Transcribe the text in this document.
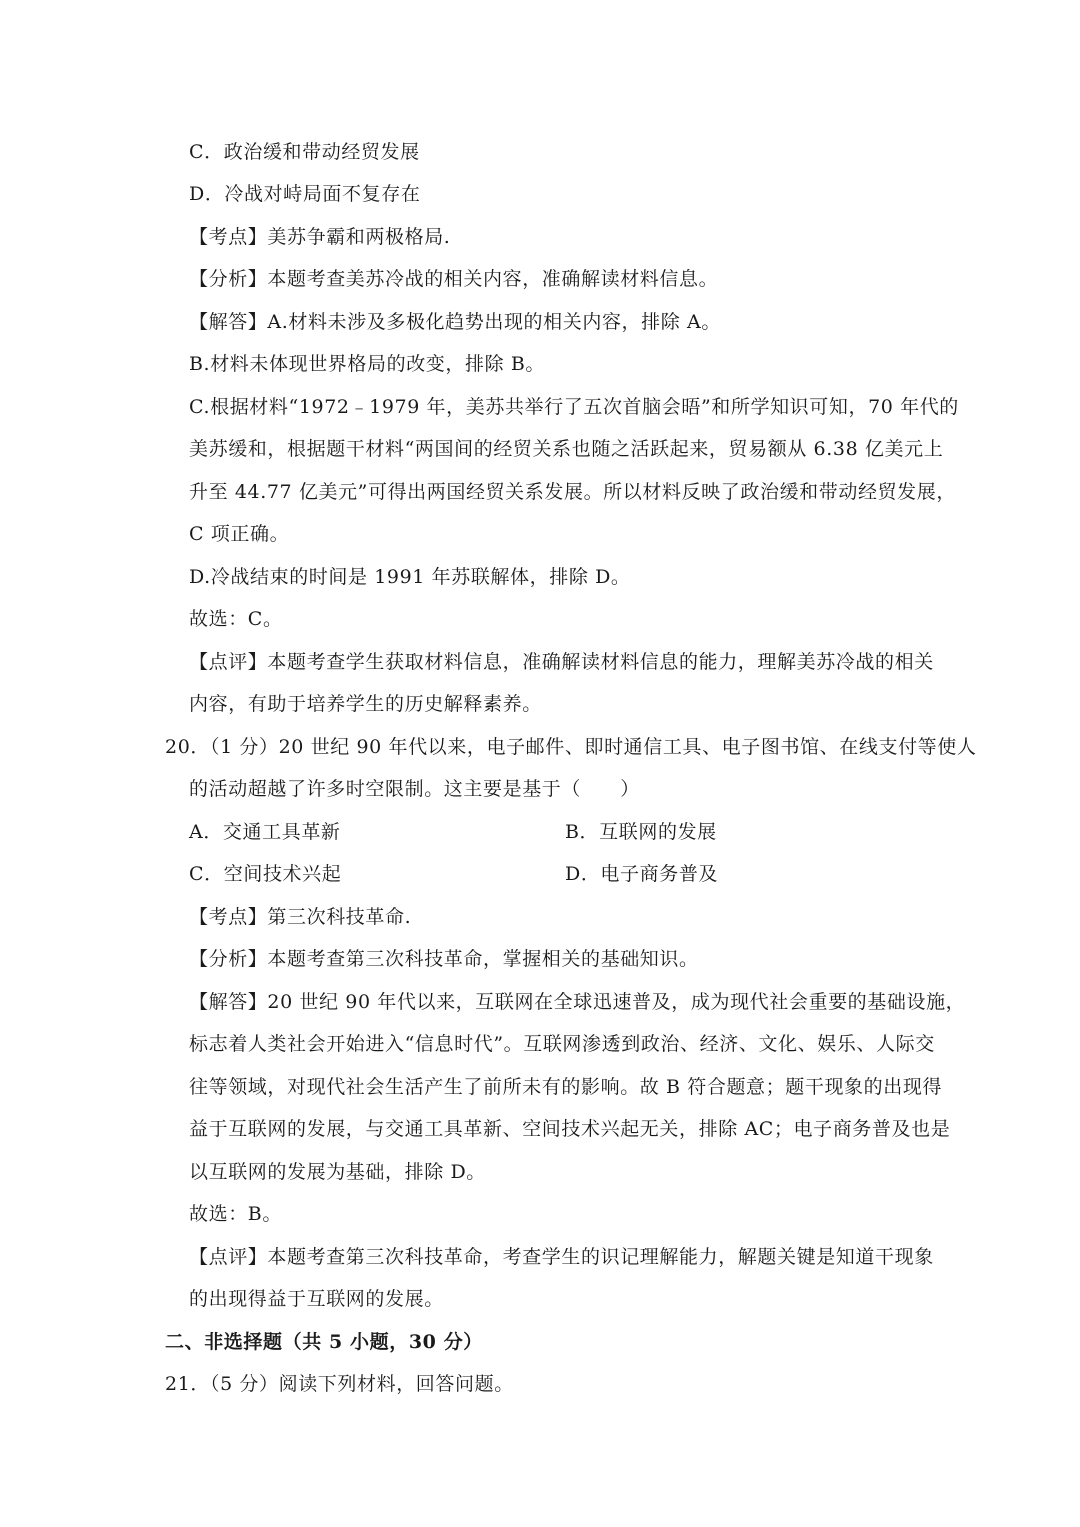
C．政治缓和带动经贸发展
D．冷战对峙局面不复存在
【考点】美苏争霸和两极格局.
【分析】本题考查美苏冷战的相关内容，准确解读材料信息。
【解答】A.材料未涉及多极化趋势出现的相关内容，排除 A。
B.材料未体现世界格局的改变，排除 B。
C.根据材料“1972﹣1979 年，美苏共举行了五次首脑会晤”和所学知识可知，70 年代的
美苏缓和，根据题干材料“两国间的经贸关系也随之活跃起来，贸易额从 6.38 亿美元上
升至 44.77 亿美元”可得出两国经贸关系发展。所以材料反映了政治缓和带动经贸发展，
C 项正确。
D.冷战结束的时间是 1991 年苏联解体，排除 D。
故选：C。
【点评】本题考查学生获取材料信息，准确解读材料信息的能力，理解美苏冷战的相关
内容，有助于培养学生的历史解释素养。
20．（1 分）20 世纪 90 年代以来，电子邮件、即时通信工具、电子图书馆、在线支付等使人
的活动超越了许多时空限制。这主要是基于（　　）
A．交通工具革新	B．互联网的发展
C．空间技术兴起	D．电子商务普及
【考点】第三次科技革命.
【分析】本题考查第三次科技革命，掌握相关的基础知识。
【解答】20 世纪 90 年代以来，互联网在全球迅速普及，成为现代社会重要的基础设施，
标志着人类社会开始进入“信息时代”。互联网渗透到政治、经济、文化、娱乐、人际交
往等领域，对现代社会生活产生了前所未有的影响。故 B 符合题意；题干现象的出现得
益于互联网的发展，与交通工具革新、空间技术兴起无关，排除 AC；电子商务普及也是
以互联网的发展为基础，排除 D。
故选：B。
【点评】本题考查第三次科技革命，考查学生的识记理解能力，解题关键是知道干现象
的出现得益于互联网的发展。
二、非选择题（共 5 小题，30 分）
21．（5 分）阅读下列材料，回答问题。
